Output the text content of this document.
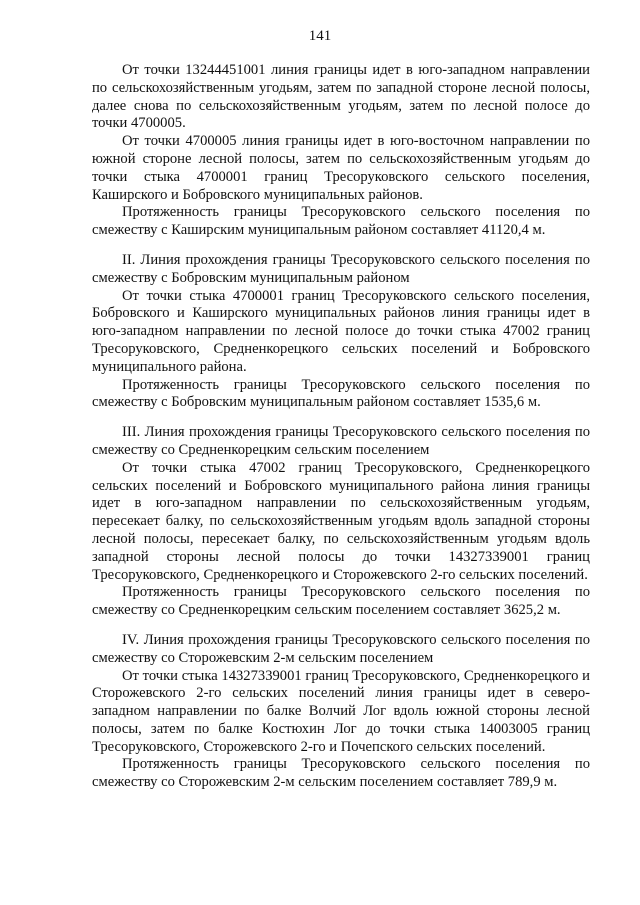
141

От точки 13244451001 линия границы идет в юго-западном направлении по сельскохозяйственным угодьям, затем по западной стороне лесной полосы, далее снова по сельскохозяйственным угодьям, затем по лесной полосе до точки 4700005.

От точки 4700005 линия границы идет в юго-восточном направлении по южной стороне лесной полосы, затем по сельскохозяйственным угодьям до точки стыка 4700001 границ Тресоруковского сельского поселения, Каширского и Бобровского муниципальных районов.

Протяженность границы Тресоруковского сельского поселения по смежеству с Каширским муниципальным районом составляет 41120,4 м.

II. Линия прохождения границы Тресоруковского сельского поселения по смежеству с Бобровским муниципальным районом

От точки стыка 4700001 границ Тресоруковского сельского поселения, Бобровского и Каширского муниципальных районов линия границы идет в юго-западном направлении по лесной полосе до точки стыка 47002 границ Тресоруковского, Средненкорецкого сельских поселений и Бобровского муниципального района.

Протяженность границы Тресоруковского сельского поселения по смежеству с Бобровским муниципальным районом составляет 1535,6 м.

III. Линия прохождения границы Тресоруковского сельского поселения по смежеству со Средненкорецким сельским поселением

От точки стыка 47002 границ Тресоруковского, Средненкорецкого сельских поселений и Бобровского муниципального района линия границы идет в юго-западном направлении по сельскохозяйственным угодьям, пересекает балку, по сельскохозяйственным угодьям вдоль западной стороны лесной полосы, пересекает балку, по сельскохозяйственным угодьям вдоль западной стороны лесной полосы до точки 14327339001 границ Тресоруковского, Средненкорецкого и Сторожевского 2-го сельских поселений.

Протяженность границы Тресоруковского сельского поселения по смежеству со Средненкорецким сельским поселением составляет 3625,2 м.

IV. Линия прохождения границы Тресоруковского сельского поселения по смежеству со Сторожевским 2-м сельским поселением

От точки стыка 14327339001 границ Тресоруковского, Средненкорецкого и Сторожевского 2-го сельских поселений линия границы идет в северо-западном направлении по балке Волчий Лог вдоль южной стороны лесной полосы, затем по балке Костюхин Лог до точки стыка 14003005 границ Тресоруковского, Сторожевского 2-го и Почепского сельских поселений.

Протяженность границы Тресоруковского сельского поселения по смежеству со Сторожевским 2-м сельским поселением составляет 789,9 м.
